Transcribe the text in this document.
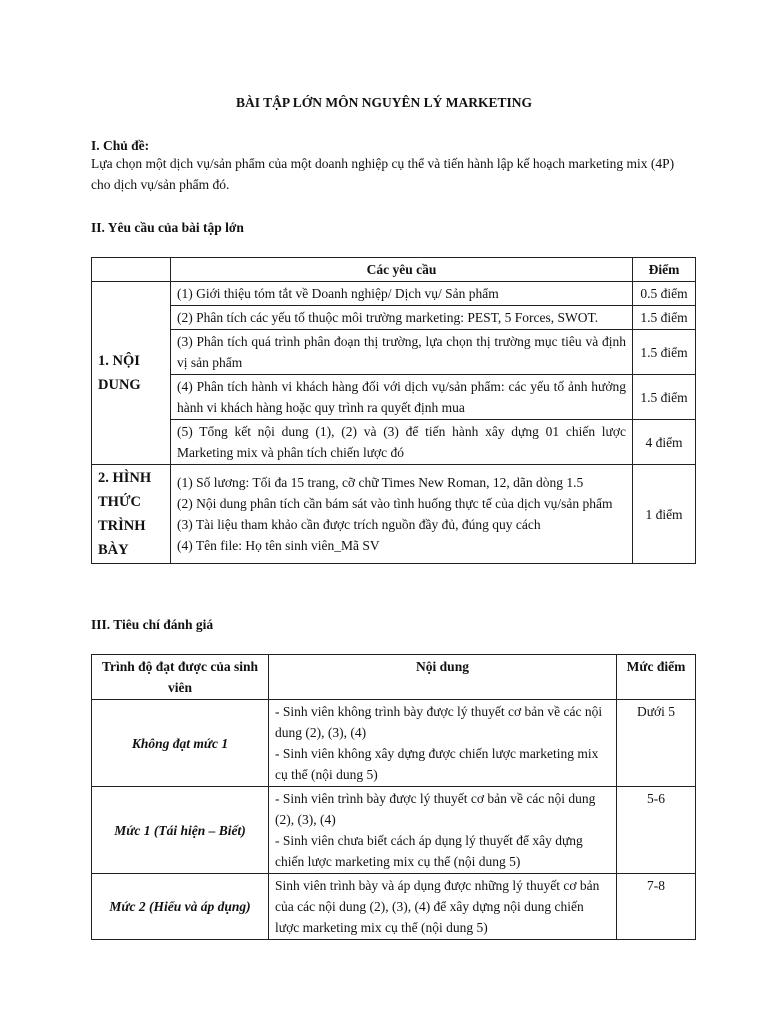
BÀI TẬP LỚN MÔN NGUYÊN LÝ MARKETING
I. Chủ đề:
Lựa chọn một dịch vụ/sản phẩm của một doanh nghiệp cụ thể và tiến hành lập kế hoạch marketing mix (4P) cho dịch vụ/sản phẩm đó.
II. Yêu cầu của bài tập lớn
	Các yêu cầu	Điểm
1. NỘI DUNG	(1) Giới thiệu tóm tắt về Doanh nghiệp/ Dịch vụ/ Sản phẩm	0.5 điểm
	(2) Phân tích các yếu tố thuộc môi trường marketing: PEST, 5 Forces, SWOT.	1.5 điểm
	(3) Phân tích quá trình phân đoạn thị trường, lựa chọn thị trường mục tiêu và định vị sản phẩm	1.5 điểm
	(4) Phân tích hành vi khách hàng đối với dịch vụ/sản phẩm: các yếu tố ảnh hưởng hành vi khách hàng hoặc quy trình ra quyết định mua	1.5 điểm
	(5) Tổng kết nội dung (1), (2) và (3) để tiến hành xây dựng 01 chiến lược Marketing mix và phân tích chiến lược đó	4 điểm
2. HÌNH THỨC TRÌNH BÀY	(1) Số lương: Tối đa 15 trang, cỡ chữ Times New Roman, 12, dãn dòng 1.5
(2) Nội dung phân tích cần bám sát vào tình huống thực tế của dịch vụ/sản phẩm
(3) Tài liệu tham khảo cần được trích nguồn đầy đủ, đúng quy cách
(4) Tên file: Họ tên sinh viên_Mã SV	1 điểm
III. Tiêu chí đánh giá
Trình độ đạt được của sinh viên	Nội dung	Mức điểm
Không đạt mức 1	- Sinh viên không trình bày được lý thuyết cơ bản về các nội dung (2), (3), (4)
- Sinh viên không xây dựng được chiến lược marketing mix cụ thể (nội dung 5)	Dưới 5
Mức 1 (Tái hiện – Biết)	- Sinh viên trình bày được lý thuyết cơ bản về các nội dung (2), (3), (4)
- Sinh viên chưa biết cách áp dụng lý thuyết để xây dựng chiến lược marketing mix cụ thể (nội dung 5)	5-6
Mức 2 (Hiểu và áp dụng)	Sinh viên trình bày và áp dụng được những lý thuyết cơ bản của các nội dung (2), (3), (4) để xây dựng nội dung chiến lược marketing mix cụ thể (nội dung 5)	7-8
